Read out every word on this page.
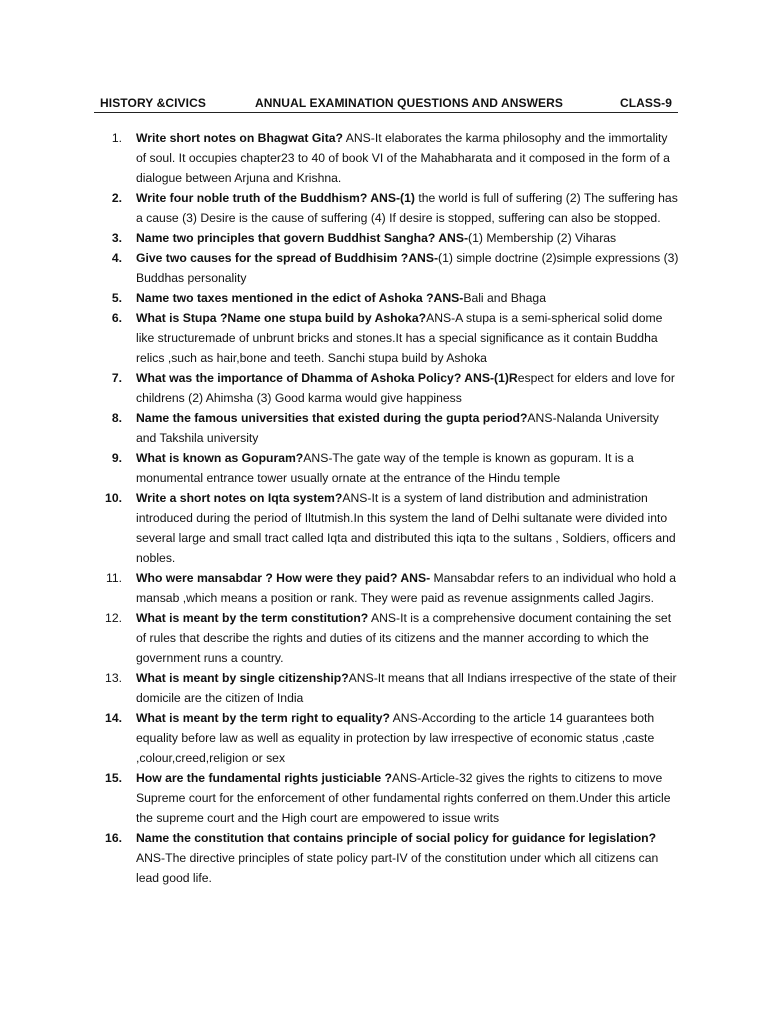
HISTORY &CIVICS	ANNUAL EXAMINATION QUESTIONS AND ANSWERS	CLASS-9
1. Write short notes on Bhagwat Gita? ANS-It elaborates the karma philosophy and the immortality of soul. It occupies chapter23 to 40 of book VI of the Mahabharata and it composed in the form of a dialogue between Arjuna and Krishna.
2. Write four noble truth of the Buddhism? ANS-(1) the world is full of suffering (2) The suffering has a cause (3) Desire is the cause of suffering (4) If desire is stopped, suffering can also be stopped.
3. Name two principles that govern Buddhist Sangha? ANS-(1) Membership (2) Viharas
4. Give two causes for the spread of Buddhisim ?ANS-(1) simple doctrine (2)simple expressions (3) Buddhas personality
5. Name two taxes mentioned in the edict of Ashoka ?ANS-Bali and Bhaga
6. What is Stupa ?Name one stupa build by Ashoka?ANS-A stupa is a semi-spherical solid dome like structuremade of unbrunt bricks and stones.It has a special significance as it contain Buddha relics ,such as hair,bone and teeth. Sanchi stupa build by Ashoka
7. What was the importance of Dhamma of Ashoka Policy? ANS-(1)Respect for elders and love for childrens (2) Ahimsha (3) Good karma would give happiness
8. Name the famous universities that existed during the gupta period?ANS-Nalanda University and Takshila university
9. What is known as Gopuram?ANS-The gate way of the temple is known as gopuram. It is a monumental entrance tower usually ornate at the entrance of the Hindu temple
10. Write a short notes on Iqta system?ANS-It is a system of land distribution and administration introduced during the period of Iltutmish.In this system the land of Delhi sultanate were divided into several large and small tract called Iqta and distributed this iqta to the sultans , Soldiers, officers and nobles.
11. Who were mansabdar ? How were they paid? ANS- Mansabdar refers to an individual who hold a mansab ,which means a position or rank. They were paid as revenue assignments called Jagirs.
12. What is meant by the term constitution? ANS-It is a comprehensive document containing the set of rules that describe the rights and duties of its citizens and the manner according to which the government runs a country.
13. What is meant by single citizenship?ANS-It means that all Indians irrespective of the state of their domicile are the citizen of India
14. What is meant by the term right to equality? ANS-According to the article 14 guarantees both equality before law as well as equality in protection by law irrespective of economic status ,caste ,colour,creed,religion or sex
15. How are the fundamental rights justiciable ?ANS-Article-32 gives the rights to citizens to move Supreme court for the enforcement of other fundamental rights conferred on them.Under this article the supreme court and the High court are empowered to issue writs
16. Name the constitution that contains principle of social policy for guidance for legislation?ANS-The directive principles of state policy part-IV of the constitution under which all citizens can lead good life.
